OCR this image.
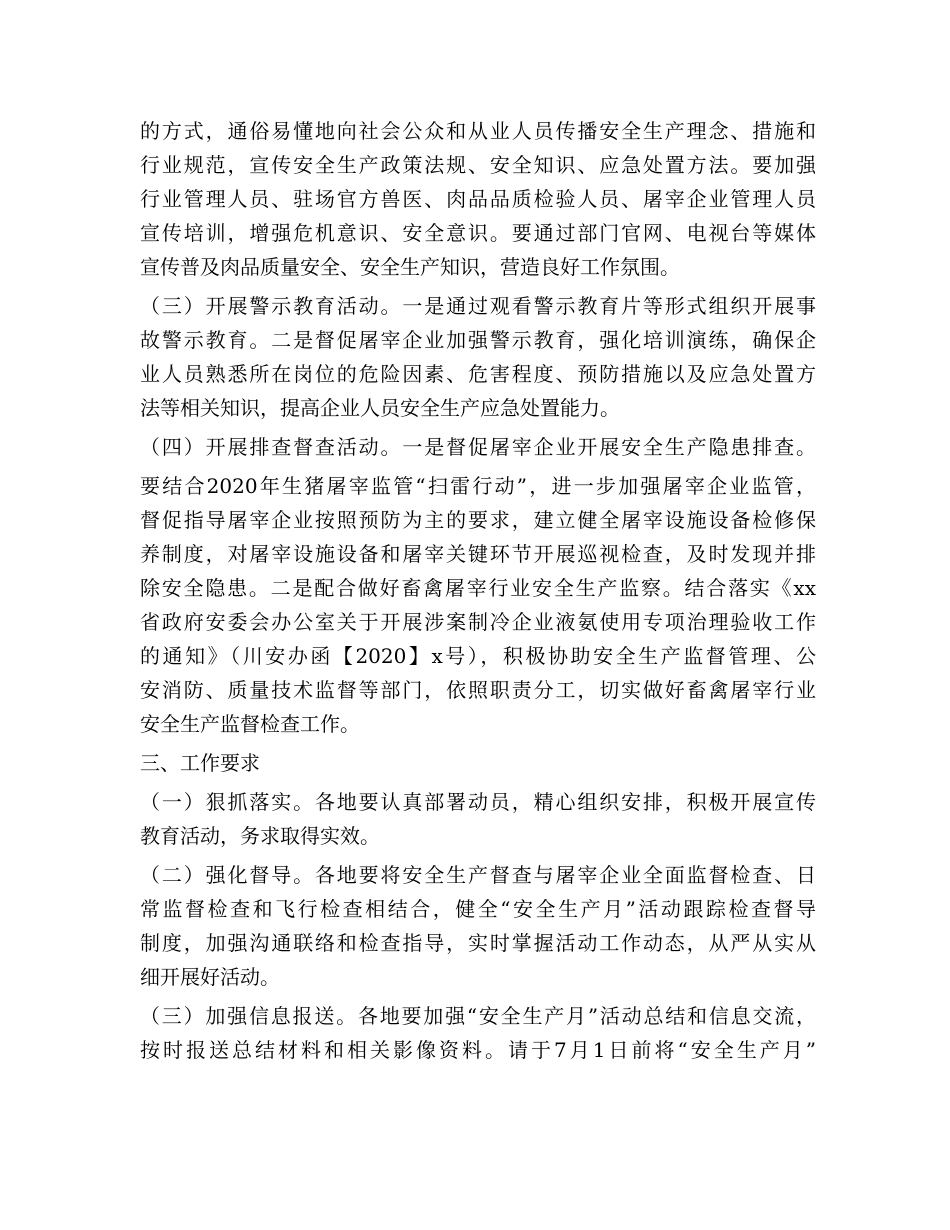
的方式，通俗易懂地向社会公众和从业人员传播安全生产理念、措施和
行业规范，宣传安全生产政策法规、安全知识、应急处置方法。要加强
行业管理人员、驻场官方兽医、肉品品质检验人员、屠宰企业管理人员
宣传培训，增强危机意识、安全意识。要通过部门官网、电视台等媒体
宣传普及肉品质量安全、安全生产知识，营造良好工作氛围。
（三）开展警示教育活动。一是通过观看警示教育片等形式组织开展事
故警示教育。二是督促屠宰企业加强警示教育，强化培训演练，确保企
业人员熟悉所在岗位的危险因素、危害程度、预防措施以及应急处置方
法等相关知识，提高企业人员安全生产应急处置能力。
（四）开展排查督查活动。一是督促屠宰企业开展安全生产隐患排查。
要结合2020年生猪屠宰监管“扫雷行动”，进一步加强屠宰企业监管，
督促指导屠宰企业按照预防为主的要求，建立健全屠宰设施设备检修保
养制度，对屠宰设施设备和屠宰关键环节开展巡视检查，及时发现并排
除安全隐患。二是配合做好畜禽屠宰行业安全生产监察。结合落实《xx
省政府安委会办公室关于开展涉案制冷企业液氨使用专项治理验收工作
的通知》（川安办函【2020】x号），积极协助安全生产监督管理、公
安消防、质量技术监督等部门，依照职责分工，切实做好畜禽屠宰行业
安全生产监督检查工作。
三、工作要求
（一）狠抓落实。各地要认真部署动员，精心组织安排，积极开展宣传
教育活动，务求取得实效。
（二）强化督导。各地要将安全生产督查与屠宰企业全面监督检查、日
常监督检查和飞行检查相结合，健全“安全生产月”活动跟踪检查督导
制度，加强沟通联络和检查指导，实时掌握活动工作动态，从严从实从
细开展好活动。
（三）加强信息报送。各地要加强“安全生产月”活动总结和信息交流，
按时报送总结材料和相关影像资料。请于7月1日前将“安全生产月”
